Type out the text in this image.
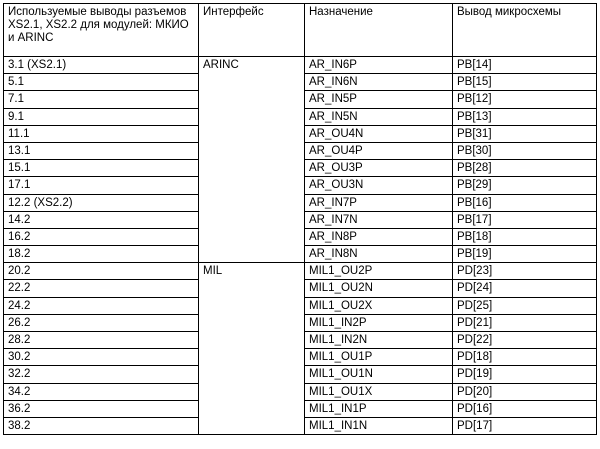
Используемые выводы разъемов XS2.1, XS2.2 для модулей: МКИО и ARINC	Интерфейс	Назначение	Вывод микросхемы
3.1 (XS2.1)	ARINC	AR_IN6P	PB[14]
5.1		AR_IN6N	PB[15]
7.1		AR_IN5P	PB[12]
9.1		AR_IN5N	PB[13]
11.1		AR_OU4N	PB[31]
13.1		AR_OU4P	PB[30]
15.1		AR_OU3P	PB[28]
17.1		AR_OU3N	PB[29]
12.2 (XS2.2)		AR_IN7P	PB[16]
14.2		AR_IN7N	PB[17]
16.2		AR_IN8P	PB[18]
18.2		AR_IN8N	PB[19]
20.2	MIL	MIL1_OU2P	PD[23]
22.2		MIL1_OU2N	PD[24]
24.2		MIL1_OU2X	PD[25]
26.2		MIL1_IN2P	PD[21]
28.2		MIL1_IN2N	PD[22]
30.2		MIL1_OU1P	PD[18]
32.2		MIL1_OU1N	PD[19]
34.2		MIL1_OU1X	PD[20]
36.2		MIL1_IN1P	PD[16]
38.2		MIL1_IN1N	PD[17]
